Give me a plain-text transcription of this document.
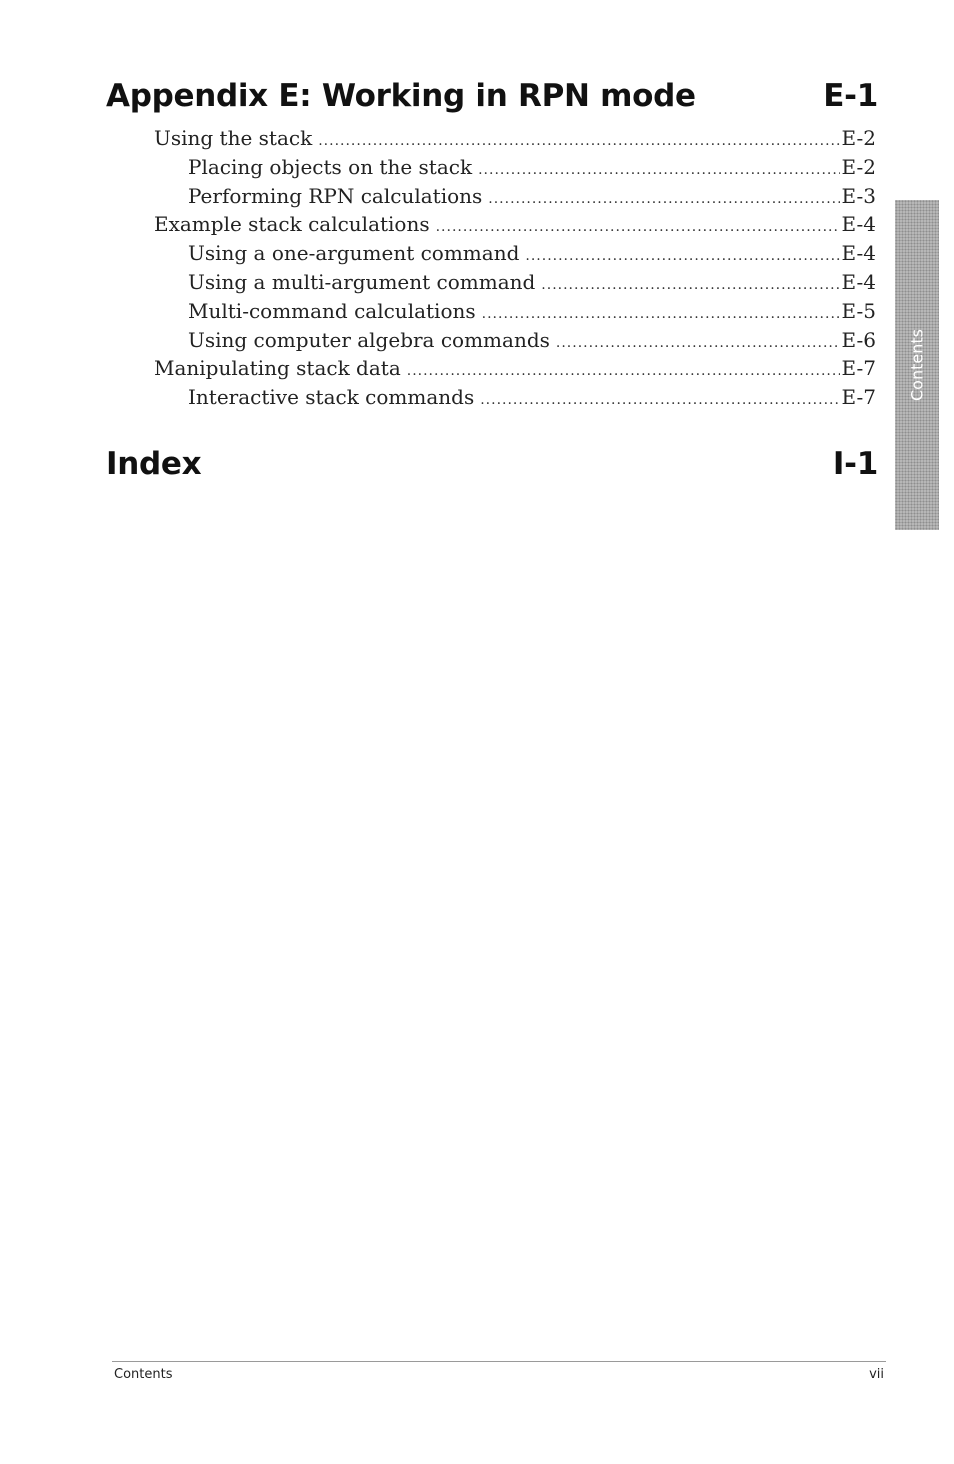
Appendix E: Working in RPN mode	E-1
Using the stack .....	E-2
Placing objects on the stack .....	E-2
Performing RPN calculations .....	E-3
Example stack calculations .....	E-4
Using a one-argument command .....	E-4
Using a multi-argument command .....	E-4
Multi-command calculations .....	E-5
Using computer algebra commands .....	E-6
Manipulating stack data .....	E-7
Interactive stack commands .....	E-7
Index	I-1
Contents
Contents	vii
